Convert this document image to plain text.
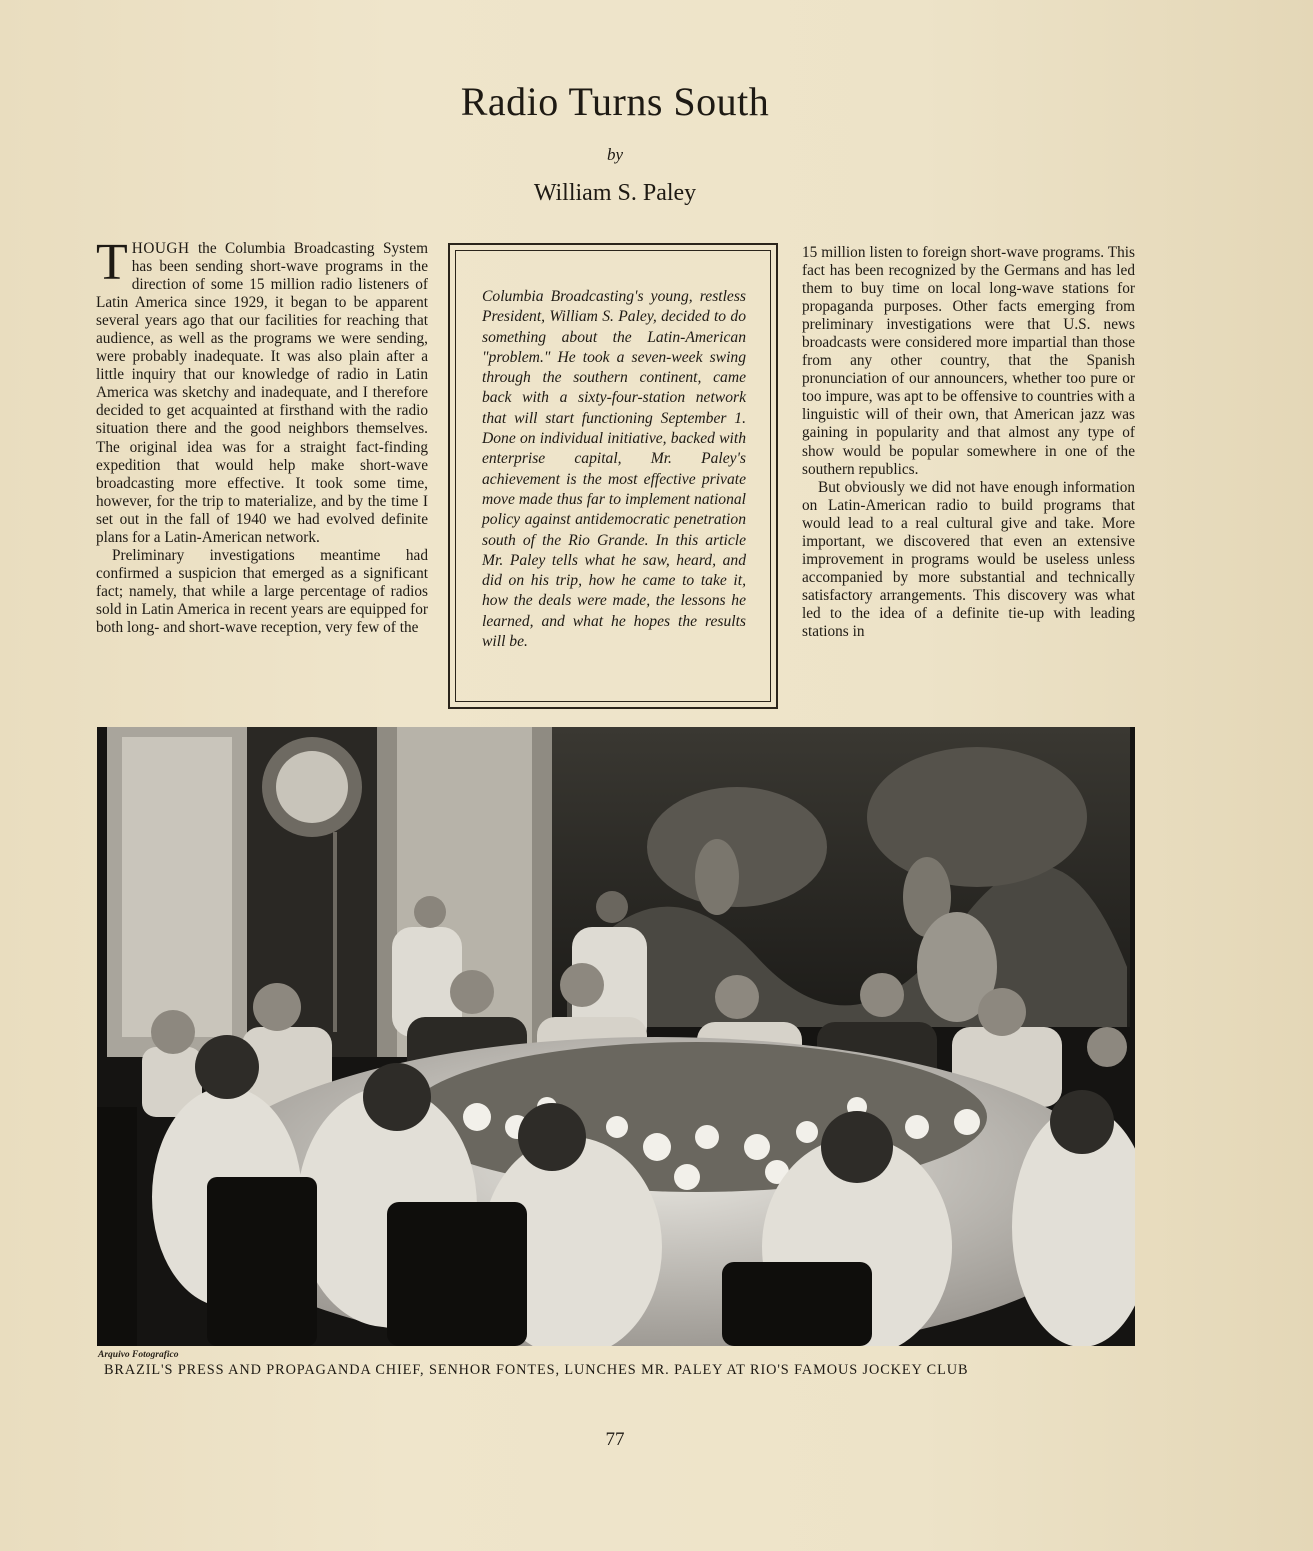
Radio Turns South
by
William S. Paley

THOUGH the Columbia Broadcasting System has been sending short-wave programs in the direction of some 15 million radio listeners of Latin America since 1929, it began to be apparent several years ago that our facilities for reaching that audience, as well as the programs we were sending, were probably inadequate. It was also plain after a little inquiry that our knowledge of radio in Latin America was sketchy and inadequate, and I therefore decided to get acquainted at firsthand with the radio situation there and the good neighbors themselves. The original idea was for a straight fact-finding expedition that would help make short-wave broadcasting more effective. It took some time, however, for the trip to materialize, and by the time I set out in the fall of 1940 we had evolved definite plans for a Latin-American network.

Preliminary investigations meantime had confirmed a suspicion that emerged as a significant fact; namely, that while a large percentage of radios sold in Latin America in recent years are equipped for both long- and short-wave reception, very few of the

Columbia Broadcasting's young, restless President, William S. Paley, decided to do something about the Latin-American "problem." He took a seven-week swing through the southern continent, came back with a sixty-four-station network that will start functioning September 1. Done on individual initiative, backed with enterprise capital, Mr. Paley's achievement is the most effective private move made thus far to implement national policy against antidemocratic penetration south of the Rio Grande. In this article Mr. Paley tells what he saw, heard, and did on his trip, how he came to take it, how the deals were made, the lessons he learned, and what he hopes the results will be.

15 million listen to foreign short-wave programs. This fact has been recognized by the Germans and has led them to buy time on local long-wave stations for propaganda purposes. Other facts emerging from preliminary investigations were that U.S. news broadcasts were considered more impartial than those from any other country, that the Spanish pronunciation of our announcers, whether too pure or too impure, was apt to be offensive to countries with a linguistic will of their own, that American jazz was gaining in popularity and that almost any type of show would be popular somewhere in one of the southern republics.

But obviously we did not have enough information on Latin-American radio to build programs that would lead to a real cultural give and take. More important, we discovered that even an extensive improvement in programs would be useless unless accompanied by more substantial and technically satisfactory arrangements. This discovery was what led to the idea of a definite tie-up with leading stations in

Arquivo Fotografico
BRAZIL'S PRESS AND PROPAGANDA CHIEF, SENHOR FONTES, LUNCHES MR. PALEY AT RIO'S FAMOUS JOCKEY CLUB
77
